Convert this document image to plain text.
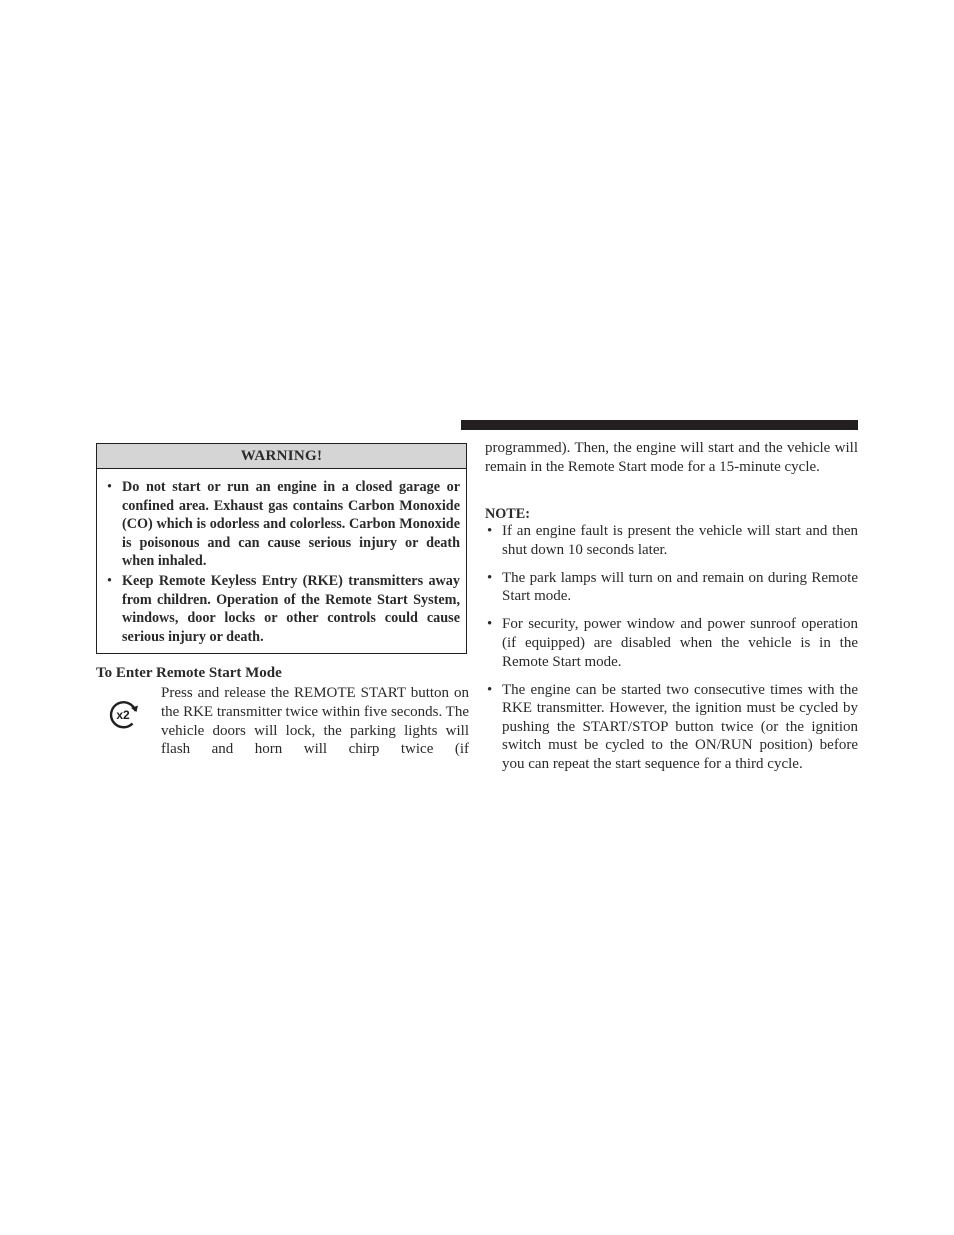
WARNING!
• Do not start or run an engine in a closed garage or confined area. Exhaust gas contains Carbon Monoxide (CO) which is odorless and colorless. Carbon Monoxide is poisonous and can cause serious injury or death when inhaled.
• Keep Remote Keyless Entry (RKE) transmitters away from children. Operation of the Remote Start System, windows, door locks or other controls could cause serious injury or death.
To Enter Remote Start Mode
x2

Press and release the REMOTE START button on the RKE transmitter twice within five seconds. The vehicle doors will lock, the parking lights will flash and horn will chirp twice (if

programmed). Then, the engine will start and the vehicle will remain in the Remote Start mode for a 15-minute cycle.

NOTE:
• If an engine fault is present the vehicle will start and then shut down 10 seconds later.
• The park lamps will turn on and remain on during Remote Start mode.
• For security, power window and power sunroof operation (if equipped) are disabled when the vehicle is in the Remote Start mode.
• The engine can be started two consecutive times with the RKE transmitter. However, the ignition must be cycled by pushing the START/STOP button twice (or the ignition switch must be cycled to the ON/RUN position) before you can repeat the start sequence for a third cycle.
